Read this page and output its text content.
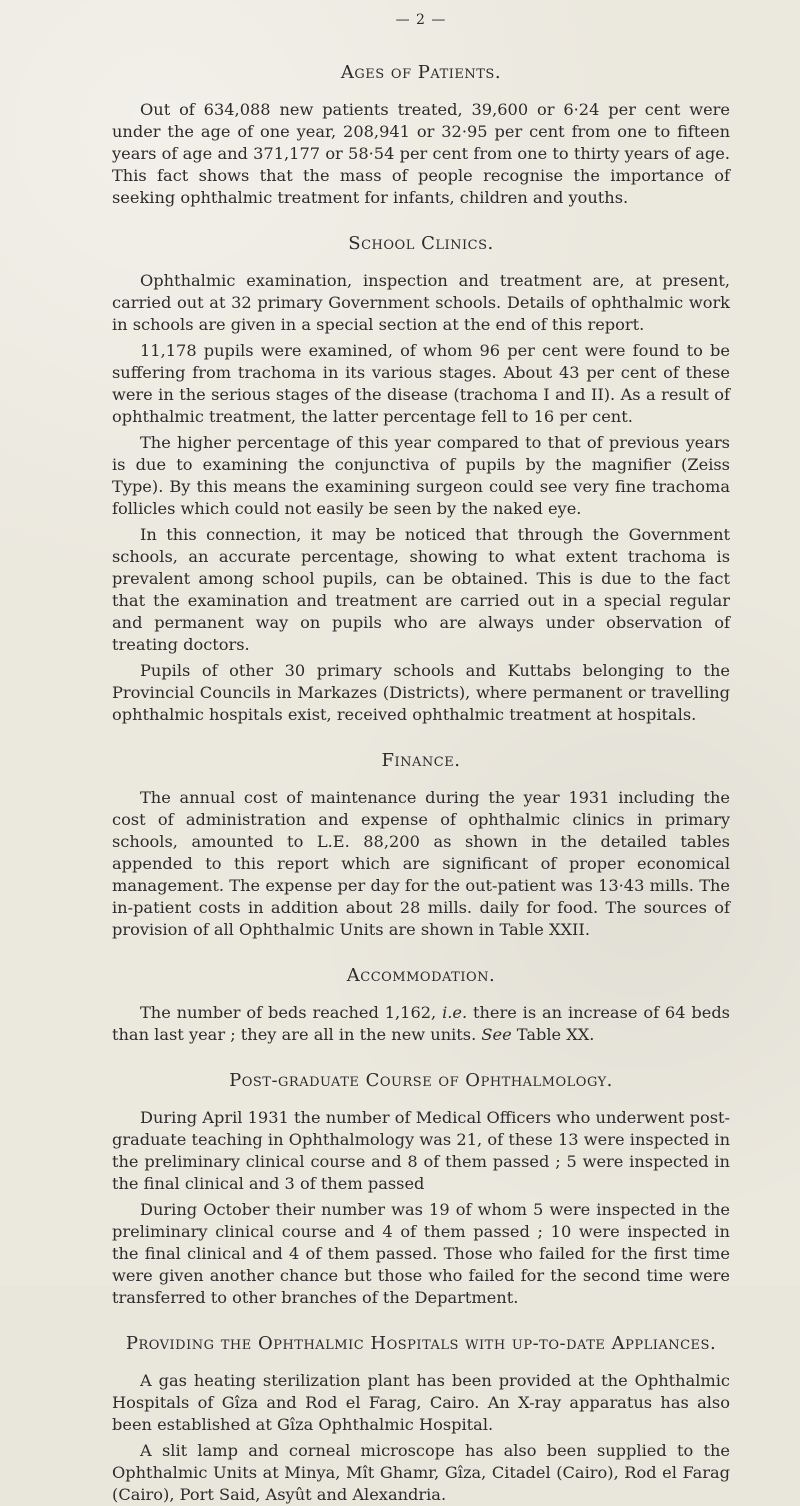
— 2 —
Ages of Patients.

Out of 634,088 new patients treated, 39,600 or 6·24 per cent were under the age of one year, 208,941 or 32·95 per cent from one to fifteen years of age and 371,177 or 58·54 per cent from one to thirty years of age. This fact shows that the mass of people recognise the importance of seeking ophthalmic treatment for infants, children and youths.

School Clinics.

Ophthalmic examination, inspection and treatment are, at present, carried out at 32 primary Government schools. Details of ophthalmic work in schools are given in a special section at the end of this report.

11,178 pupils were examined, of whom 96 per cent were found to be suffering from trachoma in its various stages. About 43 per cent of these were in the serious stages of the disease (trachoma I and II). As a result of ophthalmic treatment, the latter percentage fell to 16 per cent.

The higher percentage of this year compared to that of previous years is due to examining the conjunctiva of pupils by the magnifier (Zeiss Type). By this means the examining surgeon could see very fine trachoma follicles which could not easily be seen by the naked eye.

In this connection, it may be noticed that through the Government schools, an accurate percentage, showing to what extent trachoma is prevalent among school pupils, can be obtained. This is due to the fact that the examination and treatment are carried out in a special regular and permanent way on pupils who are always under observation of treating doctors.

Pupils of other 30 primary schools and Kuttabs belonging to the Provincial Councils in Markazes (Districts), where permanent or travelling ophthalmic hospitals exist, received ophthalmic treatment at hospitals.

Finance.

The annual cost of maintenance during the year 1931 including the cost of administration and expense of ophthalmic clinics in primary schools, amounted to L.E. 88,200 as shown in the detailed tables appended to this report which are significant of proper economical management. The expense per day for the out-patient was 13·43 mills. The in-patient costs in addition about 28 mills. daily for food. The sources of provision of all Ophthalmic Units are shown in Table XXII.

Accommodation.

The number of beds reached 1,162, i.e. there is an increase of 64 beds than last year ; they are all in the new units. See Table XX.

Post-graduate Course of Ophthalmology.

During April 1931 the number of Medical Officers who underwent post-graduate teaching in Ophthalmology was 21, of these 13 were inspected in the preliminary clinical course and 8 of them passed ; 5 were inspected in the final clinical and 3 of them passed

During October their number was 19 of whom 5 were inspected in the preliminary clinical course and 4 of them passed ; 10 were inspected in the final clinical and 4 of them passed. Those who failed for the first time were given another chance but those who failed for the second time were transferred to other branches of the Department.

Providing the Ophthalmic Hospitals with up-to-date Appliances.

A gas heating sterilization plant has been provided at the Ophthalmic Hospitals of Gîza and Rod el Farag, Cairo. An X-ray apparatus has also been established at Gîza Ophthalmic Hospital.

A slit lamp and corneal microscope has also been supplied to the Ophthalmic Units at Minya, Mît Ghamr, Gîza, Citadel (Cairo), Rod el Farag (Cairo), Port Said, Asyût and Alexandria.
